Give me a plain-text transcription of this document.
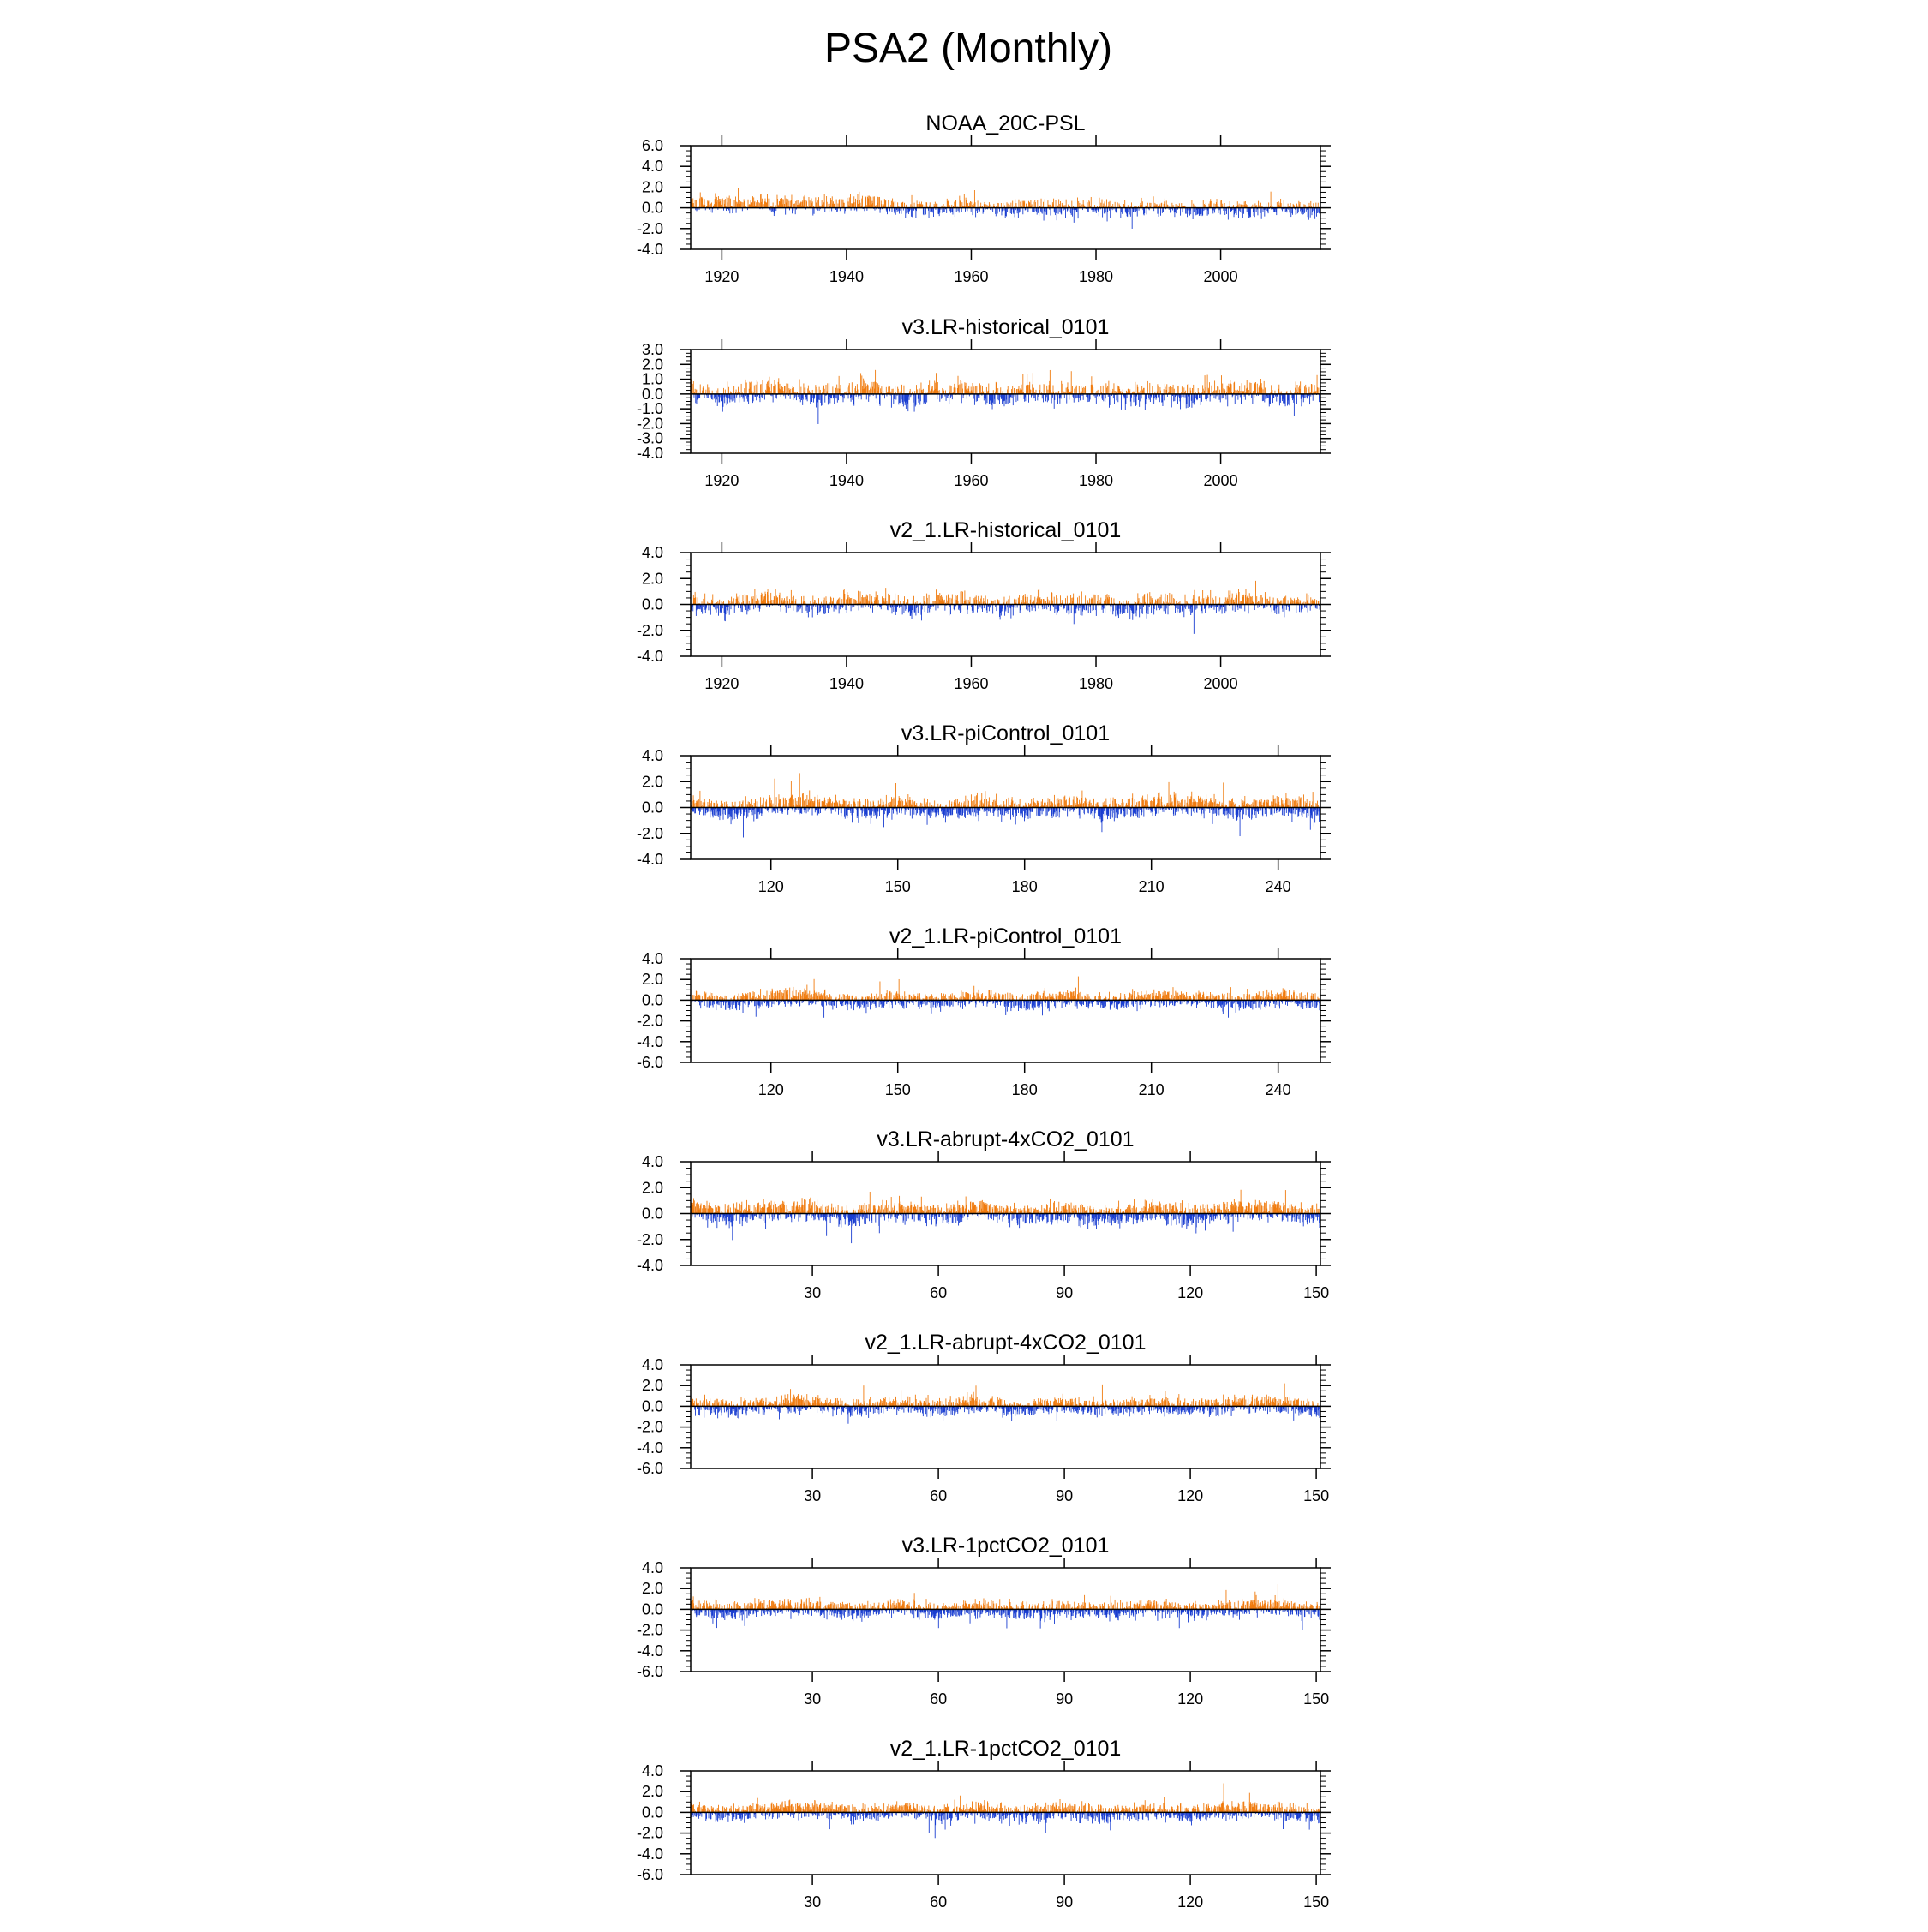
PSA2 (Monthly)
NOAA_20C-PSL
6.0
4.0
2.0
0.0
-2.0
-4.0
1920	1940	1960	1980	2000
v3.LR-historical_0101
3.0
2.0
1.0
0.0
-1.0
-2.0
-3.0
-4.0
1920	1940	1960	1980	2000
v2_1.LR-historical_0101
4.0
2.0
0.0
-2.0
-4.0
1920	1940	1960	1980	2000
v3.LR-piControl_0101
4.0
2.0
0.0
-2.0
-4.0
120	150	180	210	240
v2_1.LR-piControl_0101
4.0
2.0
0.0
-2.0
-4.0
-6.0
120	150	180	210	240
v3.LR-abrupt-4xCO2_0101
4.0
2.0
0.0
-2.0
-4.0
30	60	90	120	150
v2_1.LR-abrupt-4xCO2_0101
4.0
2.0
0.0
-2.0
-4.0
-6.0
30	60	90	120	150
v3.LR-1pctCO2_0101
4.0
2.0
0.0
-2.0
-4.0
-6.0
30	60	90	120	150
v2_1.LR-1pctCO2_0101
4.0
2.0
0.0
-2.0
-4.0
-6.0
30	60	90	120	150
